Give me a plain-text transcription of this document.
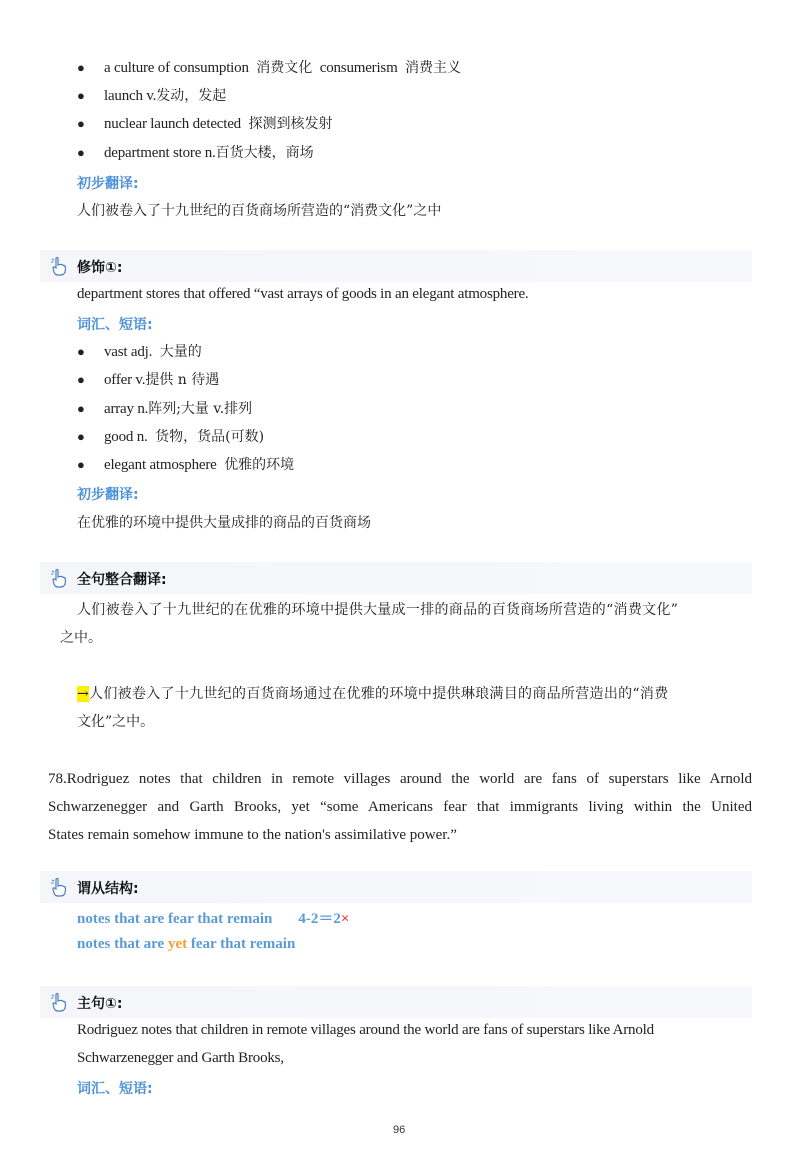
● a culture of consumption 消费文化 consumerism 消费主义
● launch v.发动，发起
● nuclear launch detected 探测到核发射
● department store n.百货大楼，商场
初步翻译:
人们被卷入了十九世纪的百货商场所营造的“消费文化”之中
修饰①:
department stores that offered “vast arrays of goods in an elegant atmosphere.
词汇、短语:
● vast adj. 大量的
● offer v.提供 n 待遇
● array n.阵列;大量 v.排列
● good n. 货物，货品(可数)
● elegant atmosphere 优雅的环境
初步翻译:
在优雅的环境中提供大量成排的商品的百货商场
全句整合翻译:
人们被卷入了十九世纪的在优雅的环境中提供大量成一排的商品的百货商场所营造的“消费文化”
之中。
→人们被卷入了十九世纪的百货商场通过在优雅的环境中提供琳琅满目的商品所营造出的“消费
文化”之中。
78.Rodriguez notes that children in remote villages around the world are fans of superstars like Arnold
Schwarzenegger and Garth Brooks, yet “some Americans fear that immigrants living within the United
States remain somehow immune to the nation's assimilative power.”
谓从结构:
notes that are fear that remain 4-2＝2×
notes that are yet fear that remain
主句①:
Rodriguez notes that children in remote villages around the world are fans of superstars like Arnold
Schwarzenegger and Garth Brooks,
词汇、短语:
96
